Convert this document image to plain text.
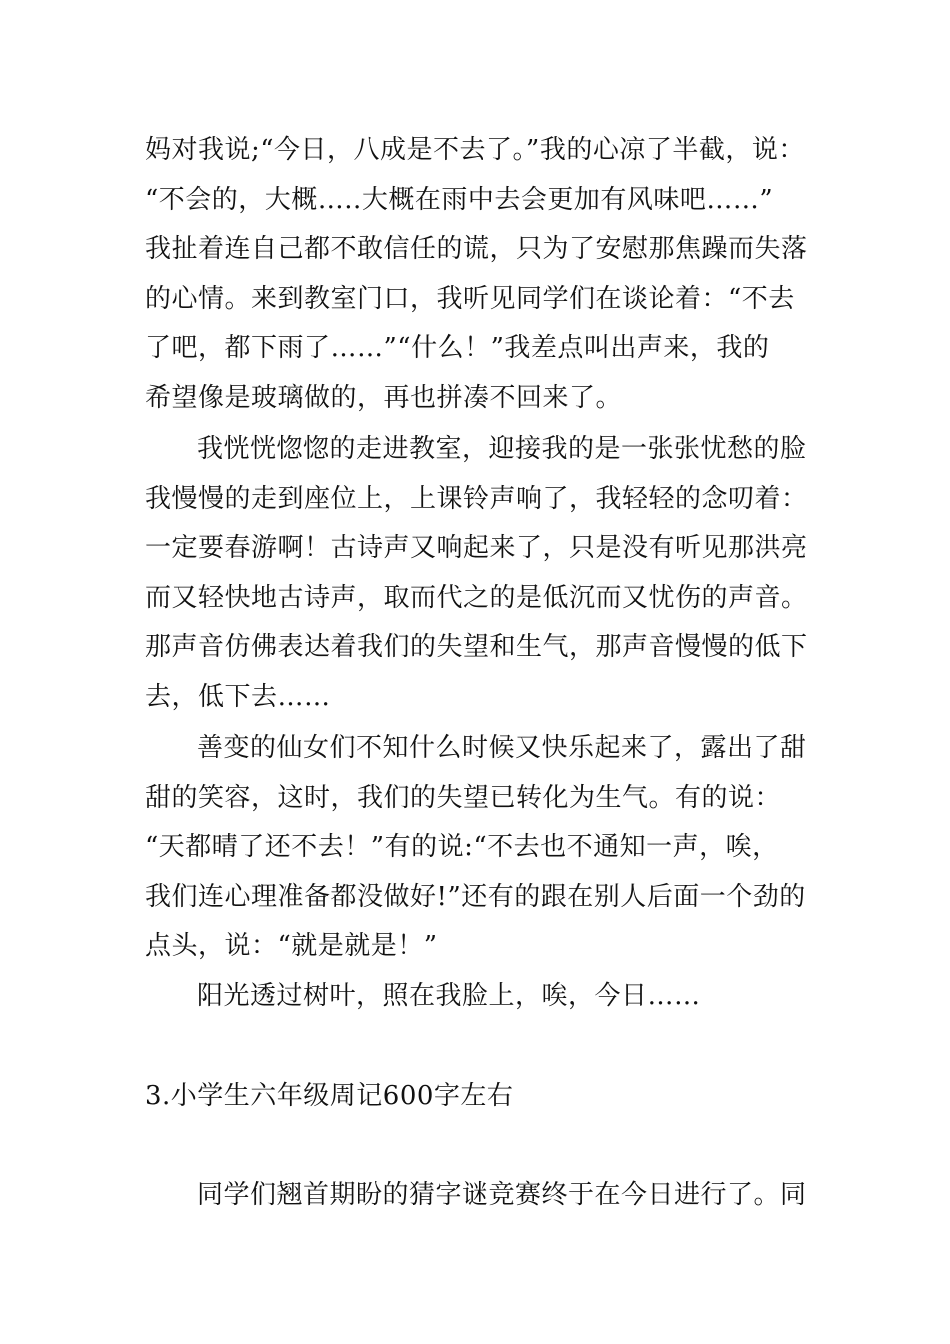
妈对我说;“今日，八成是不去了。”我的心凉了半截，说：
“不会的，大概…..大概在雨中去会更加有风味吧……”
我扯着连自己都不敢信任的谎，只为了安慰那焦躁而失落
的心情。来到教室门口，我听见同学们在谈论着：“不去
了吧，都下雨了……”“什么！”我差点叫出声来，我的
希望像是玻璃做的，再也拼凑不回来了。
我恍恍惚惚的走进教室，迎接我的是一张张忧愁的脸
我慢慢的走到座位上，上课铃声响了，我轻轻的念叨着：
一定要春游啊！古诗声又响起来了，只是没有听见那洪亮
而又轻快地古诗声，取而代之的是低沉而又忧伤的声音。
那声音仿佛表达着我们的失望和生气，那声音慢慢的低下
去，低下去……
善变的仙女们不知什么时候又快乐起来了，露出了甜
甜的笑容，这时，我们的失望已转化为生气。有的说：
“天都晴了还不去！”有的说:“不去也不通知一声，唉，
我们连心理准备都没做好!”还有的跟在别人后面一个劲的
点头，说：“就是就是！”
阳光透过树叶，照在我脸上，唉，今日……
3.小学生六年级周记600字左右
同学们翘首期盼的猜字谜竞赛终于在今日进行了。同
